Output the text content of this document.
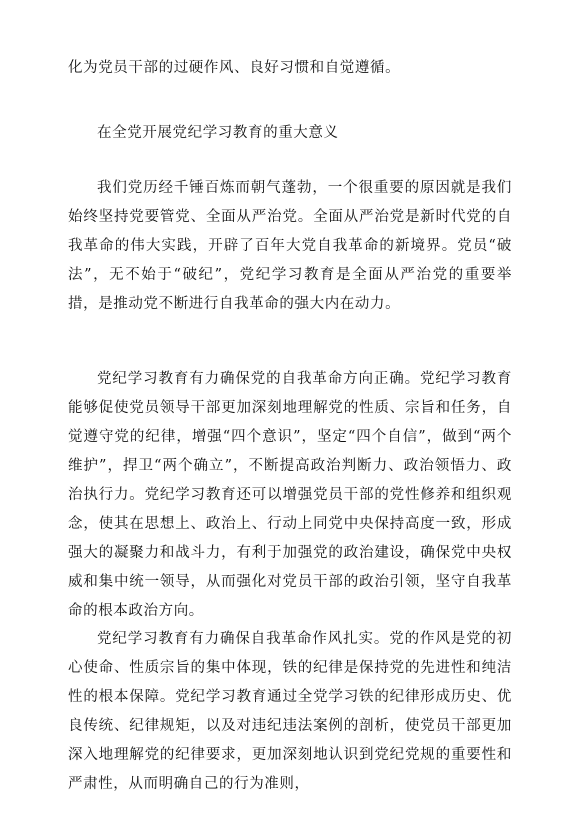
化为党员干部的过硬作风、良好习惯和自觉遵循。

在全党开展党纪学习教育的重大意义

我们党历经千锤百炼而朝气蓬勃，一个很重要的原因就是我们始终坚持党要管党、全面从严治党。全面从严治党是新时代党的自我革命的伟大实践，开辟了百年大党自我革命的新境界。党员“破法”，无不始于“破纪”，党纪学习教育是全面从严治党的重要举措，是推动党不断进行自我革命的强大内在动力。

党纪学习教育有力确保党的自我革命方向正确。党纪学习教育能够促使党员领导干部更加深刻地理解党的性质、宗旨和任务，自觉遵守党的纪律，增强“四个意识”，坚定“四个自信”，做到“两个维护”，捍卫“两个确立”，不断提高政治判断力、政治领悟力、政治执行力。党纪学习教育还可以增强党员干部的党性修养和组织观念，使其在思想上、政治上、行动上同党中央保持高度一致，形成强大的凝聚力和战斗力，有利于加强党的政治建设，确保党中央权威和集中统一领导，从而强化对党员干部的政治引领，坚守自我革命的根本政治方向。

党纪学习教育有力确保自我革命作风扎实。党的作风是党的初心使命、性质宗旨的集中体现，铁的纪律是保持党的先进性和纯洁性的根本保障。党纪学习教育通过全党学习铁的纪律形成历史、优良传统、纪律规矩，以及对违纪违法案例的剖析，使党员干部更加深入地理解党的纪律要求，更加深刻地认识到党纪党规的重要性和严肃性，从而明确自己的行为准则，
